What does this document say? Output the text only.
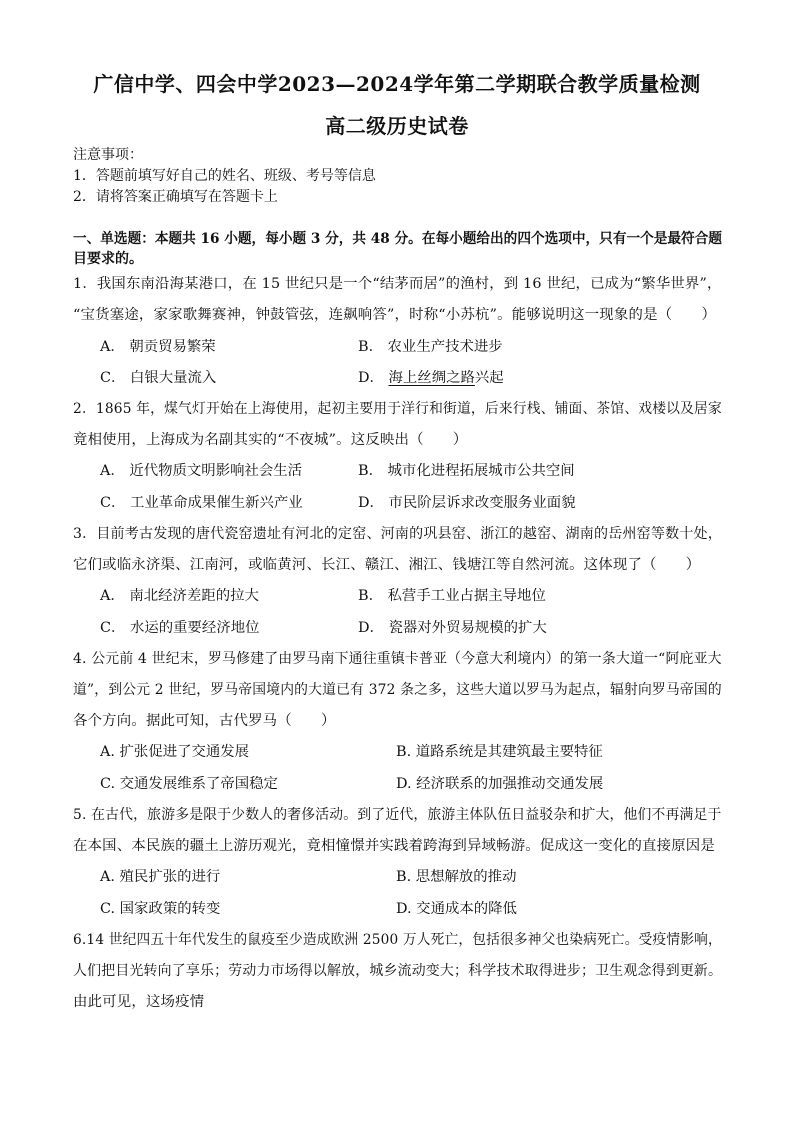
广信中学、四会中学2023—2024学年第二学期联合教学质量检测
高二级历史试卷
注意事项：
1．答题前填写好自己的姓名、班级、考号等信息
2．请将答案正确填写在答题卡上
一、单选题：本题共 16 小题，每小题 3 分，共 48 分。在每小题给出的四个选项中，只有一个是最符合题
目要求的。
1．我国东南沿海某港口，在 15 世纪只是一个“结茅而居”的渔村，到 16 世纪，已成为“繁华世界”，
“宝货塞途，家家歌舞赛神，钟鼓管弦，连飙响答”，时称“小苏杭”。能够说明这一现象的是（　　）
A． 朝贡贸易繁荣	B． 农业生产技术进步
C． 白银大量流入	D． 海上丝绸之路兴起
2．1865 年，煤气灯开始在上海使用，起初主要用于洋行和街道，后来行栈、铺面、茶馆、戏楼以及居家
竟相使用，上海成为名副其实的“不夜城”。这反映出（　　）
A． 近代物质文明影响社会生活	B． 城市化进程拓展城市公共空间
C． 工业革命成果催生新兴产业	D． 市民阶层诉求改变服务业面貌
3．目前考古发现的唐代瓷窑遗址有河北的定窑、河南的巩县窑、浙江的越窑、湖南的岳州窑等数十处，
它们或临永济渠、江南河，或临黄河、长江、赣江、湘江、钱塘江等自然河流。这体现了（　　）
A． 南北经济差距的拉大	B． 私营手工业占据主导地位
C． 水运的重要经济地位	D． 瓷器对外贸易规模的扩大
4. 公元前 4 世纪末，罗马修建了由罗马南下通往重镇卡普亚（今意大利境内）的第一条大道一“阿庇亚大
道”，到公元 2 世纪，罗马帝国境内的大道已有 372 条之多，这些大道以罗马为起点，辐射向罗马帝国的
各个方向。据此可知，古代罗马（　　）
A. 扩张促进了交通发展	B. 道路系统是其建筑最主要特征
C. 交通发展维系了帝国稳定	D. 经济联系的加强推动交通发展
5. 在古代，旅游多是限于少数人的奢侈活动。到了近代，旅游主体队伍日益驳杂和扩大，他们不再满足于
在本国、本民族的疆土上游历观光，竟相憧憬并实践着跨海到异域畅游。促成这一变化的直接原因是
A. 殖民扩张的进行	B. 思想解放的推动
C. 国家政策的转变	D. 交通成本的降低
6.14 世纪四五十年代发生的鼠疫至少造成欧洲 2500 万人死亡，包括很多神父也染病死亡。受疫情影响，
人们把目光转向了享乐；劳动力市场得以解放，城乡流动变大；科学技术取得进步；卫生观念得到更新。
由此可见，这场疫情
